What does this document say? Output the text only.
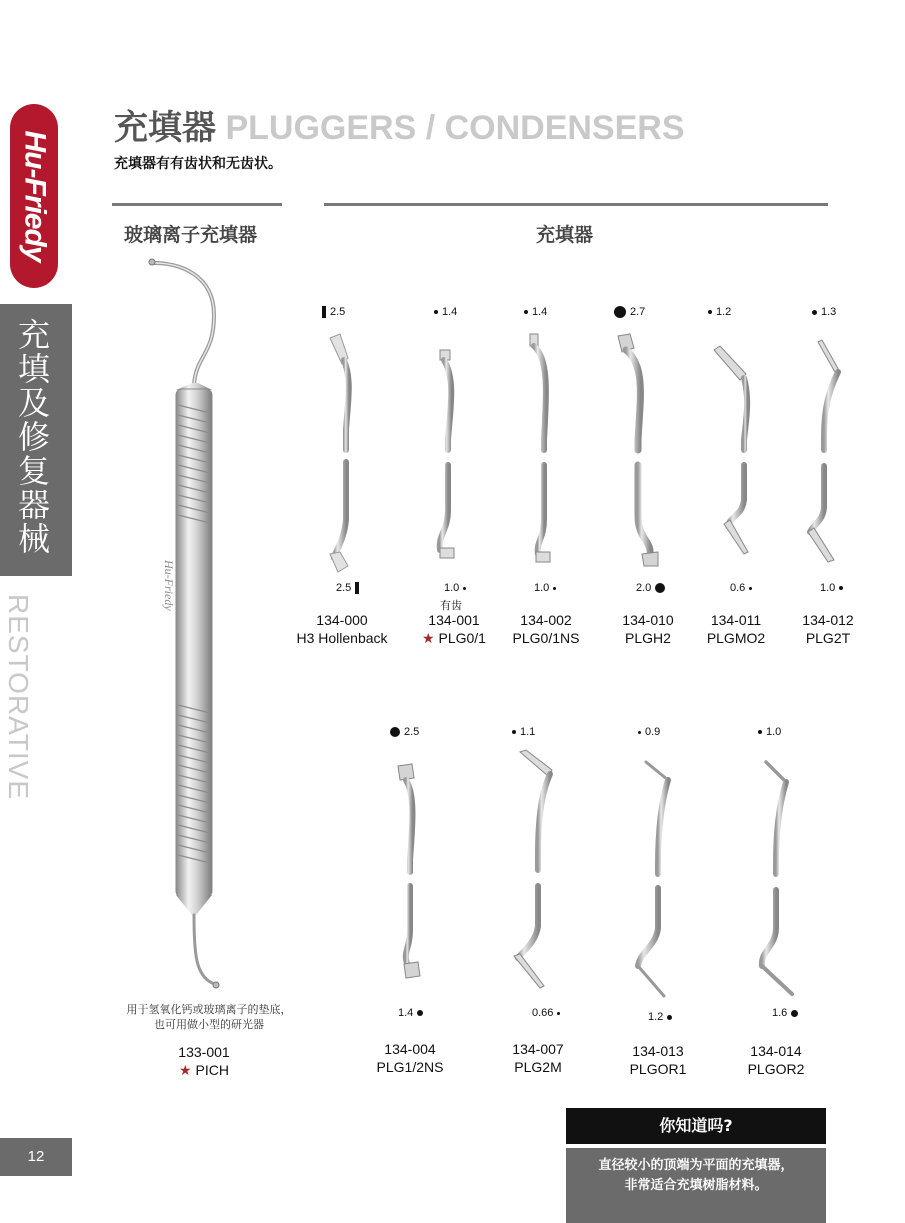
Hu-Friedy
充填及修复器械
RESTORATIVE
12
充填器 PLUGGERS / CONDENSERS
充填器有有齿状和无齿状。
玻璃离子充填器	充填器
Hu-Friedy
用于氢氧化钙或玻璃离子的垫底，
也可用做小型的研光器
133-001
★ PICH
2.5
2.5
134-000
H3 Hollenback
1.4
1.0
有齿
134-001
★ PLG0/1
1.4
1.0
134-002
PLG0/1NS
2.7
2.0
134-010
PLGH2
1.2
0.6
134-011
PLGMO2
1.3
1.0
134-012
PLG2T
2.5
1.4
134-004
PLG1/2NS
1.1
0.66
134-007
PLG2M
0.9
1.2
134-013
PLGOR1
1.0
1.6
134-014
PLGOR2
你知道吗?
直径较小的顶端为平面的充填器，
非常适合充填树脂材料。
